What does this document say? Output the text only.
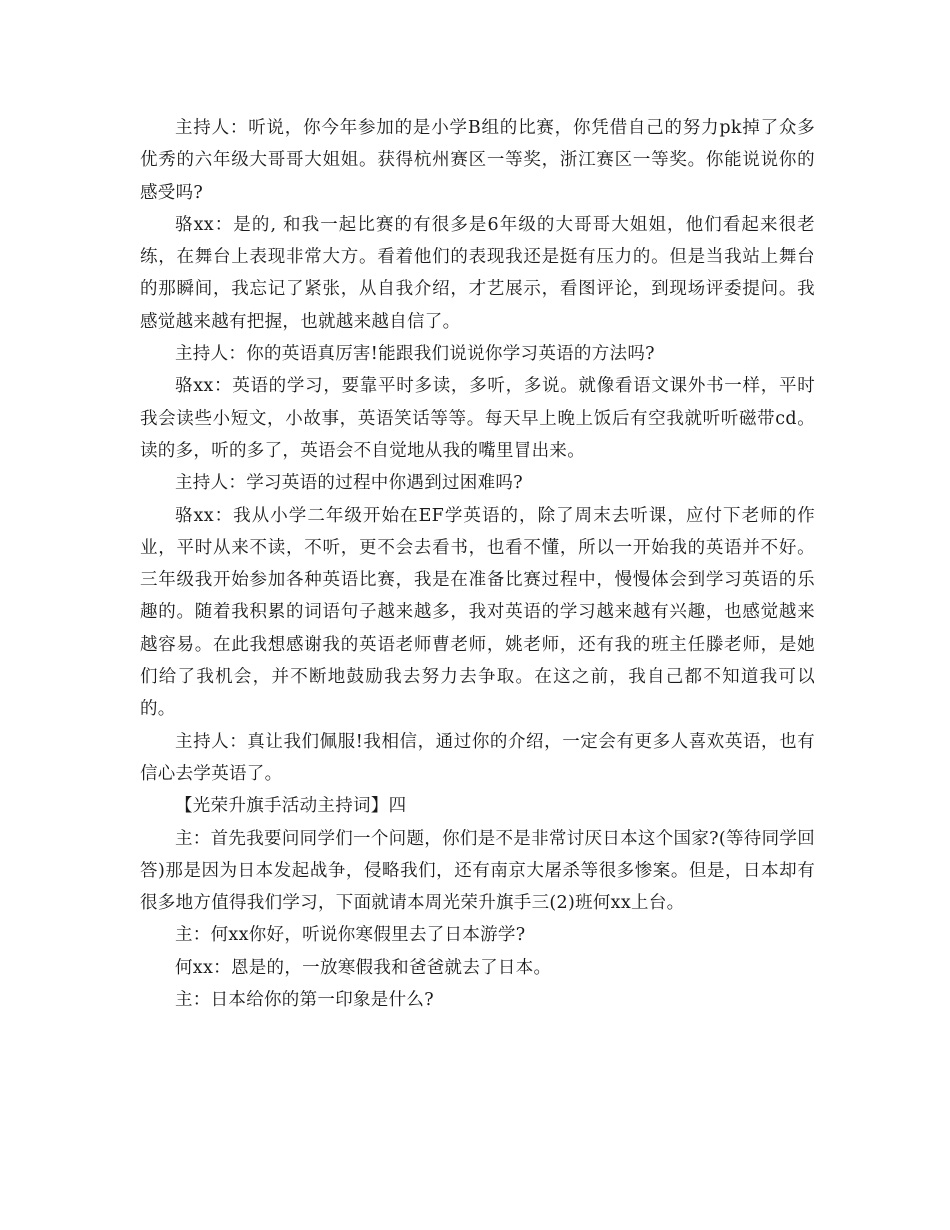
主持人：听说，你今年参加的是小学B组的比赛，你凭借自己的努力pk掉了众多优秀的六年级大哥哥大姐姐。获得杭州赛区一等奖，浙江赛区一等奖。你能说说你的感受吗?

骆xx：是的, 和我一起比赛的有很多是6年级的大哥哥大姐姐，他们看起来很老练，在舞台上表现非常大方。看着他们的表现我还是挺有压力的。但是当我站上舞台的那瞬间，我忘记了紧张，从自我介绍，才艺展示，看图评论，到现场评委提问。我感觉越来越有把握，也就越来越自信了。

主持人：你的英语真厉害!能跟我们说说你学习英语的方法吗?

骆xx：英语的学习，要靠平时多读，多听，多说。就像看语文课外书一样，平时我会读些小短文，小故事，英语笑话等等。每天早上晚上饭后有空我就听听磁带cd。读的多，听的多了，英语会不自觉地从我的嘴里冒出来。

主持人：学习英语的过程中你遇到过困难吗?

骆xx：我从小学二年级开始在EF学英语的，除了周末去听课，应付下老师的作业，平时从来不读，不听，更不会去看书，也看不懂，所以一开始我的英语并不好。三年级我开始参加各种英语比赛，我是在准备比赛过程中，慢慢体会到学习英语的乐趣的。随着我积累的词语句子越来越多，我对英语的学习越来越有兴趣，也感觉越来越容易。在此我想感谢我的英语老师曹老师，姚老师，还有我的班主任滕老师，是她们给了我机会，并不断地鼓励我去努力去争取。在这之前，我自己都不知道我可以的。

主持人：真让我们佩服!我相信，通过你的介绍，一定会有更多人喜欢英语，也有信心去学英语了。

【光荣升旗手活动主持词】四

主：首先我要问同学们一个问题，你们是不是非常讨厌日本这个国家?(等待同学回答)那是因为日本发起战争，侵略我们，还有南京大屠杀等很多惨案。但是，日本却有很多地方值得我们学习，下面就请本周光荣升旗手三(2)班何xx上台。

主：何xx你好，听说你寒假里去了日本游学?

何xx：恩是的，一放寒假我和爸爸就去了日本。

主：日本给你的第一印象是什么?
